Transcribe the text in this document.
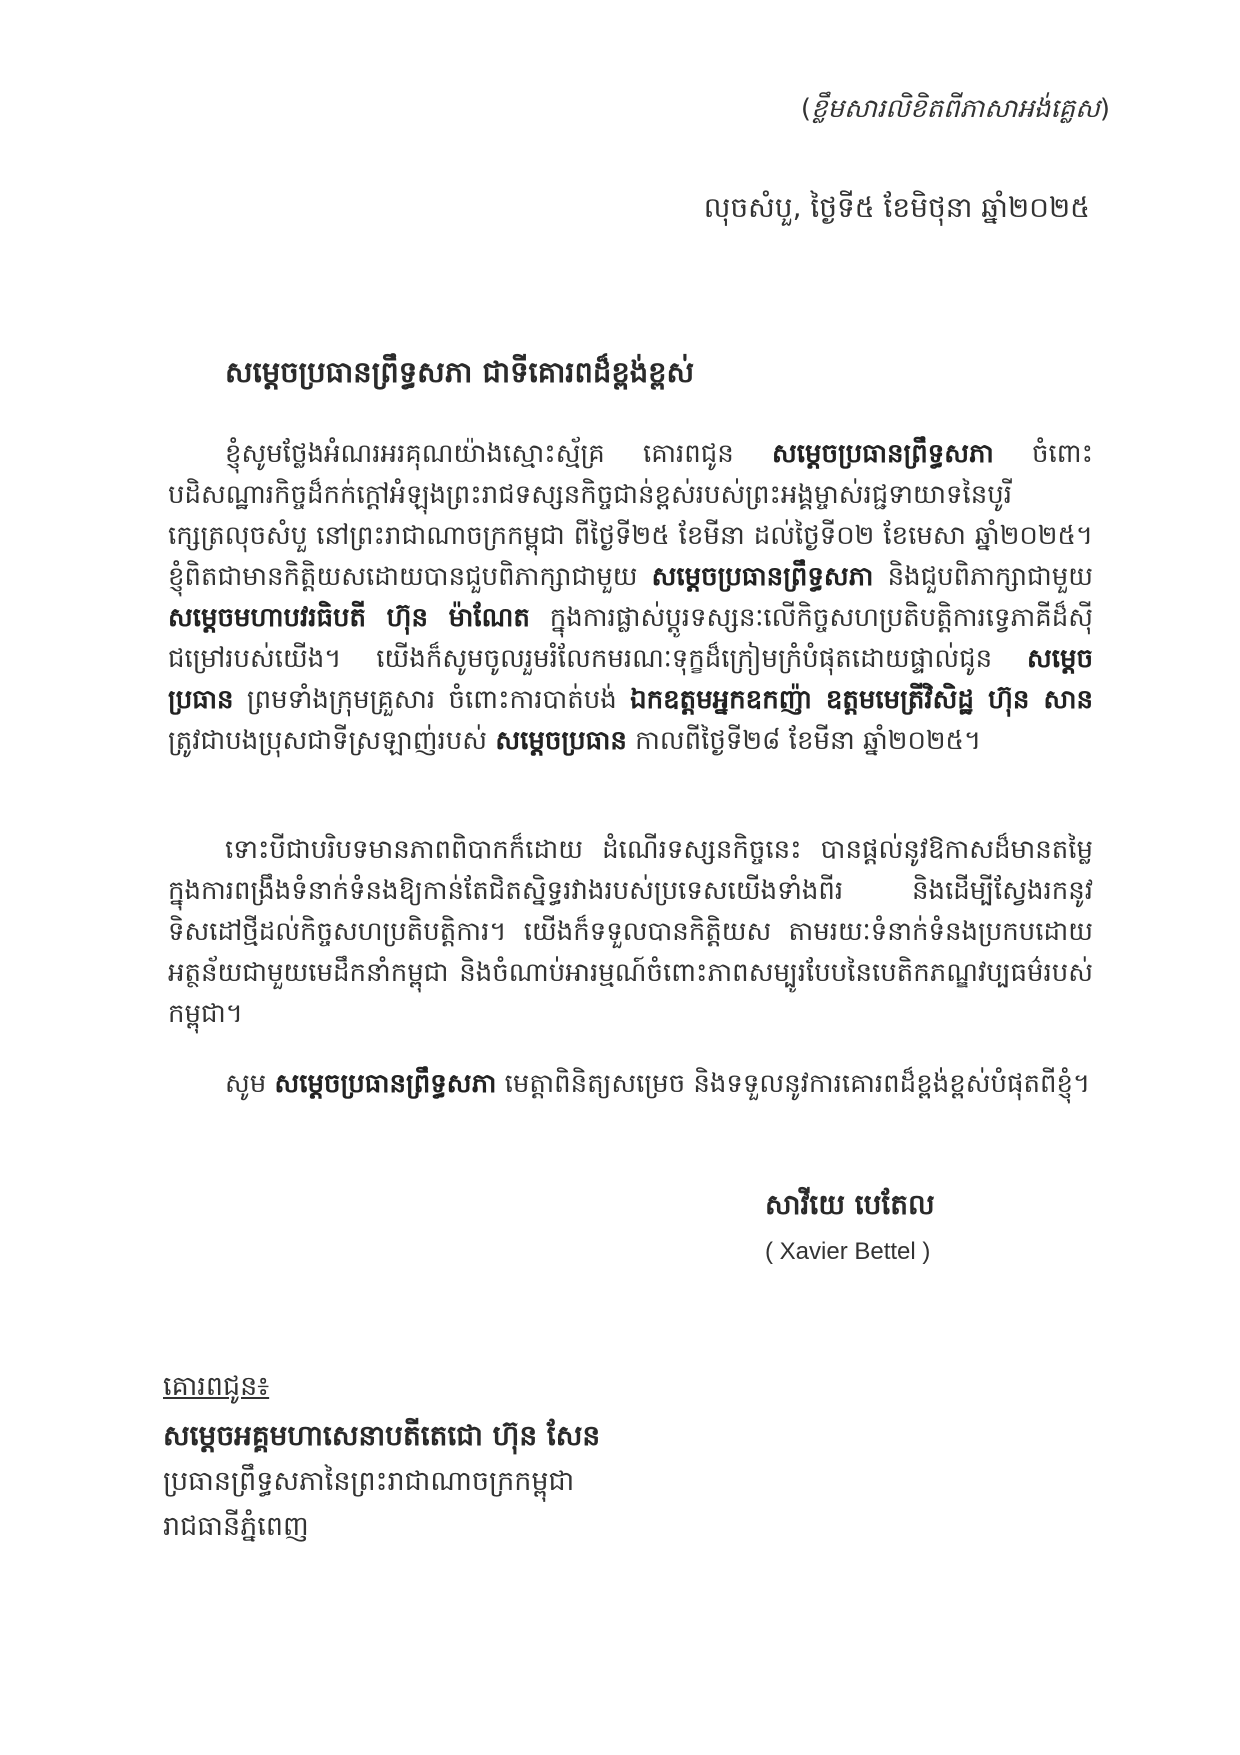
(ខ្លឹមសារលិខិតពីភាសាអង់គ្លេស)
លុចសំបួ, ថ្ងៃទី៥ ខែមិថុនា ឆ្នាំ២០២៥
សម្តេចប្រធានព្រឹទ្ធសភា ជាទីគោរពដ៏ខ្ពង់ខ្ពស់
ខ្ញុំសូមថ្លែងអំណរអរគុណយ៉ាងស្មោះស្ម័គ្រ គោរពជូន សម្តេចប្រធានព្រឹទ្ធសភា ចំពោះបដិសណ្ឋារកិច្ចដ៏កក់ក្តៅអំឡុងព្រះរាជទស្សនកិច្ចជាន់ខ្ពស់របស់ព្រះអង្គម្ចាស់រជ្ជទាយាទនៃបូរីក្សេត្រលុចសំបួ នៅព្រះរាជាណាចក្រកម្ពុជា ពីថ្ងៃទី២៥ ខែមីនា ដល់ថ្ងៃទី០២ ខែមេសា ឆ្នាំ២០២៥។ ខ្ញុំពិតជាមានកិត្តិយសដោយបានជួបពិភាក្សាជាមួយ សម្តេចប្រធានព្រឹទ្ធសភា និងជួបពិភាក្សាជាមួយ សម្តេចមហាបវរធិបតី ហ៊ុន ម៉ាណែត ក្នុងការផ្លាស់ប្តូរទស្សនៈលើកិច្ចសហប្រតិបត្តិការទ្វេភាគីដ៏ស៊ីជម្រៅរបស់យើង។ យើងក៏សូមចូលរួមរំលែកមរណៈទុក្ខដ៏ក្រៀមក្រំបំផុតដោយផ្ទាល់ជូន សម្តេចប្រធាន ព្រមទាំងក្រុមគ្រួសារ ចំពោះការបាត់បង់ ឯកឧត្តមអ្នកឧកញ៉ា ឧត្តមមេត្រីវិសិដ្ឋ ហ៊ុន សាន ត្រូវជាបងប្រុសជាទីស្រឡាញ់របស់ សម្តេចប្រធាន កាលពីថ្ងៃទី២៨ ខែមីនា ឆ្នាំ២០២៥។
ទោះបីជាបរិបទមានភាពពិបាកក៏ដោយ ដំណើរទស្សនកិច្ចនេះ បានផ្តល់នូវឱកាសដ៏មានតម្លៃក្នុងការពង្រឹងទំនាក់ទំនងឱ្យកាន់តែជិតស្និទ្ធរវាងរបស់ប្រទេសយើងទាំងពីរ និងដើម្បីស្វែងរកនូវទិសដៅថ្មីដល់កិច្ចសហប្រតិបត្តិការ។ យើងក៏ទទួលបានកិត្តិយស តាមរយៈទំនាក់ទំនងប្រកបដោយអត្ថន័យជាមួយមេដឹកនាំកម្ពុជា និងចំណាប់អារម្មណ៍ចំពោះភាពសម្បូរបែបនៃបេតិកភណ្ឌវប្បធម៌របស់កម្ពុជា។
សូម សម្តេចប្រធានព្រឹទ្ធសភា មេត្តាពិនិត្យសម្រេច និងទទួលនូវការគោរពដ៏ខ្ពង់ខ្ពស់បំផុតពីខ្ញុំ។
សាវីយេ បេតែល
( Xavier Bettel )
គោរពជូន៖
សម្តេចអគ្គមហាសេនាបតីតេជោ ហ៊ុន សែន
ប្រធានព្រឹទ្ធសភានៃព្រះរាជាណាចក្រកម្ពុជា
រាជធានីភ្នំពេញ
